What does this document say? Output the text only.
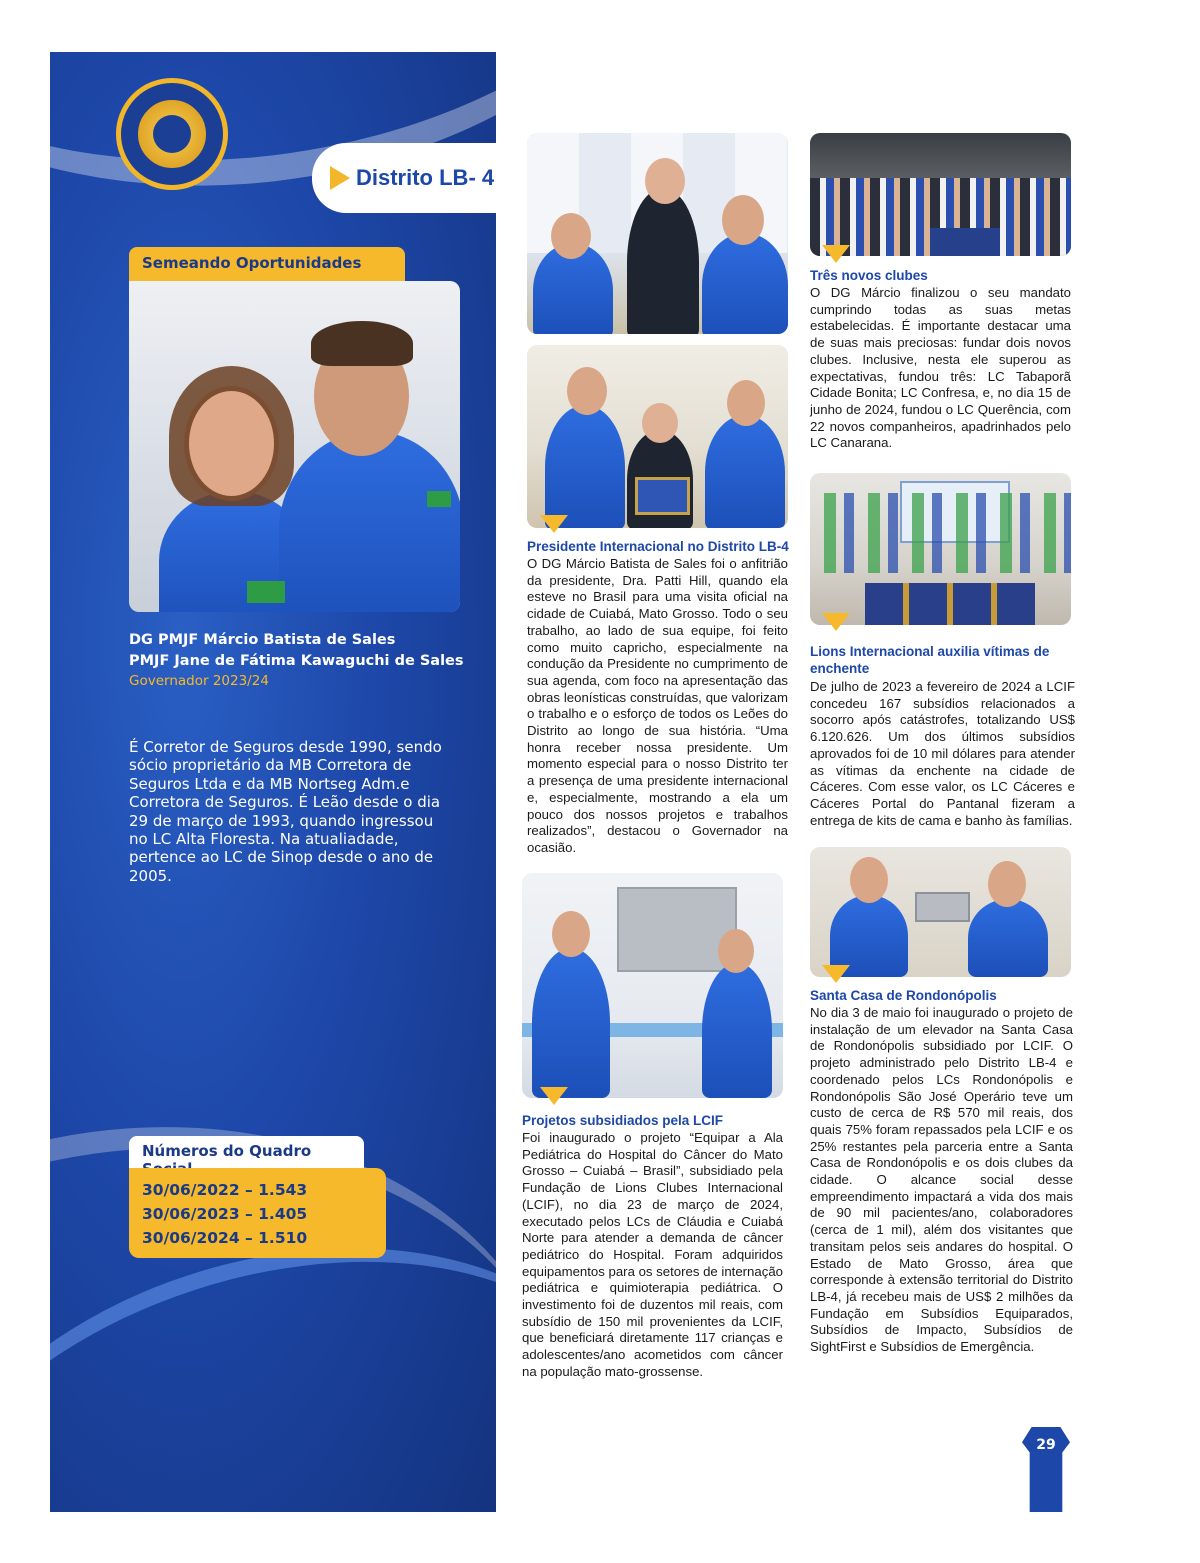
Distrito LB- 4
Semeando Oportunidades
DG PMJF Márcio Batista de Sales
PMJF Jane de Fátima Kawaguchi de Sales
Governador 2023/24
É Corretor de Seguros desde 1990, sendo sócio proprietário da MB Corretora de Seguros Ltda e da MB Nortseg Adm.e Corretora de Seguros. É Leão desde o dia 29 de março de 1993, quando ingressou no LC Alta Floresta. Na atualiadade, pertence ao LC de Sinop desde o ano de 2005.
Números do Quadro
30/06/2022 – 1.543
30/06/2023 – 1.405
30/06/2024 – 1.510
Presidente Internacional no Distrito LB-4
O DG Márcio Batista de Sales foi o anfitrião da presidente, Dra. Patti Hill, quando ela esteve no Brasil para uma visita oficial na cidade de Cuiabá, Mato Grosso. Todo o seu trabalho, ao lado de sua equipe, foi feito como muito capricho, especialmente na condução da Presidente no cumprimento de sua agenda, com foco na apresentação das obras leonísticas construídas, que valorizam o trabalho e o esforço de todos os Leões do Distrito ao longo de sua história. “Uma honra receber nossa presidente. Um momento especial para o nosso Distrito ter a presença de uma presidente internacional e, especialmente, mostrando a ela um pouco dos nossos projetos e trabalhos realizados”, destacou o Governador na ocasião.
Projetos subsidiados pela LCIF
Foi inaugurado o projeto “Equipar a Ala Pediátrica do Hospital do Câncer do Mato Grosso – Cuiabá – Brasil”, subsidiado pela Fundação de Lions Clubes Internacional (LCIF), no dia 23 de março de 2024, executado pelos LCs de Cláudia e Cuiabá Norte para atender a demanda de câncer pediátrico do Hospital. Foram adquiridos equipamentos para os setores de internação pediátrica e quimioterapia pediátrica. O investimento foi de duzentos mil reais, com subsídio de 150 mil provenientes da LCIF, que beneficiará diretamente 117 crianças e adolescentes/ano acometidos com câncer na população mato-grossense.
Três novos clubes
O DG Márcio finalizou o seu mandato cumprindo todas as suas metas estabelecidas. É importante destacar uma de suas mais preciosas: fundar dois novos clubes. Inclusive, nesta ele superou as expectativas, fundou três: LC Tabaporã Cidade Bonita; LC Confresa, e, no dia 15 de junho de 2024, fundou o LC Querência, com 22 novos companheiros, apadrinhados pelo LC Canarana.
Lions Internacional auxilia vítimas de enchente
De julho de 2023 a fevereiro de 2024 a LCIF concedeu 167 subsídios relacionados a socorro após catástrofes, totalizando US$ 6.120.626. Um dos últimos subsídios aprovados foi de 10 mil dólares para atender as vítimas da enchente na cidade de Cáceres. Com esse valor, os LC Cáceres e Cáceres Portal do Pantanal fizeram a entrega de kits de cama e banho às famílias.
Santa Casa de Rondonópolis
No dia 3 de maio foi inaugurado o projeto de instalação de um elevador na Santa Casa de Rondonópolis subsidiado por LCIF. O projeto administrado pelo Distrito LB-4 e coordenado pelos LCs Rondonópolis e Rondonópolis São José Operário teve um custo de cerca de R$ 570 mil reais, dos quais 75% foram repassados pela LCIF e os 25% restantes pela parceria entre a Santa Casa de Rondonópolis e os dois clubes da cidade. O alcance social desse empreendimento impactará a vida dos mais de 90 mil pacientes/ano, colaboradores (cerca de 1 mil), além dos visitantes que transitam pelos seis andares do hospital. O Estado de Mato Grosso, área que corresponde à extensão territorial do Distrito LB-4, já recebeu mais de US$ 2 milhões da Fundação em Subsídios Equiparados, Subsídios de Impacto, Subsídios de SightFirst e Subsídios de Emergência.
29
